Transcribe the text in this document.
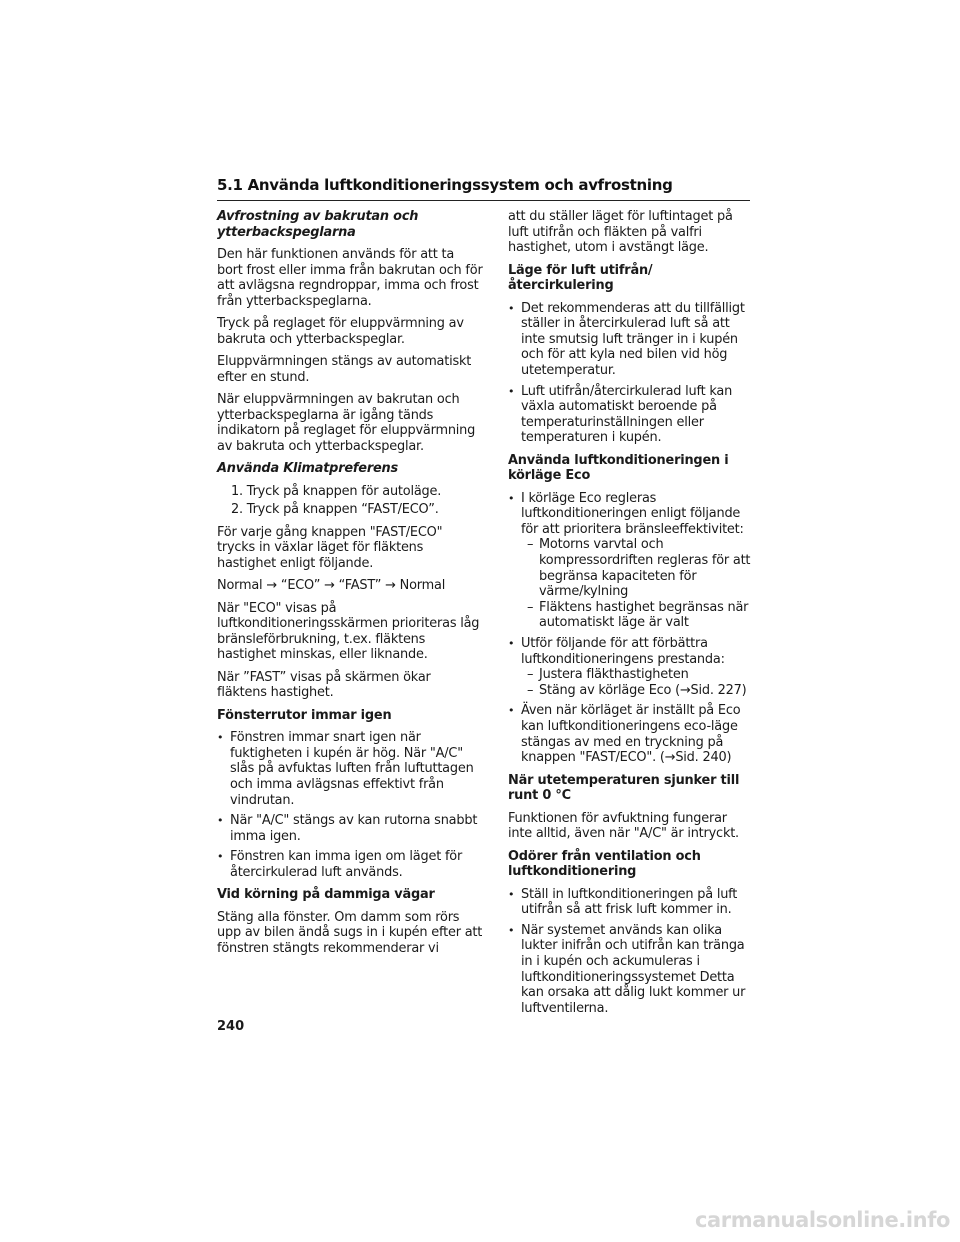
5.1 Använda luftkonditioneringssystem och avfrostning

Avfrostning av bakrutan och ytterbackspeglarna

Den här funktionen används för att ta bort frost eller imma från bakrutan och för att avlägsna regndroppar, imma och frost från ytterbackspeglarna.

Tryck på reglaget för eluppvärmning av bakruta och ytterbackspeglar.

Eluppvärmningen stängs av automatiskt efter en stund.

När eluppvärmningen av bakrutan och ytterbackspeglarna är igång tänds indikatorn på reglaget för eluppvärmning av bakruta och ytterbackspeglar.

Använda Klimatpreferens

1. Tryck på knappen för autoläge.
2. Tryck på knappen “FAST/ECO”.

För varje gång knappen "FAST/ECO" trycks in växlar läget för fläktens hastighet enligt följande.

Normal → “ECO” → “FAST” → Normal

När "ECO" visas på luftkonditioneringsskärmen prioriteras låg bränsleförbrukning, t.ex. fläktens hastighet minskas, eller liknande.

När ”FAST” visas på skärmen ökar fläktens hastighet.

Fönsterrutor immar igen

• Fönstren immar snart igen när fuktigheten i kupén är hög. När "A/C" slås på avfuktas luften från luftuttagen och imma avlägsnas effektivt från vindrutan.
• När "A/C" stängs av kan rutorna snabbt imma igen.
• Fönstren kan imma igen om läget för återcirkulerad luft används.

Vid körning på dammiga vägar

Stäng alla fönster. Om damm som rörs upp av bilen ändå sugs in i kupén efter att fönstren stängts rekommenderar vi

att du ställer läget för luftintaget på luft utifrån och fläkten på valfri hastighet, utom i avstängt läge.

Läge för luft utifrån/återcirkulering

• Det rekommenderas att du tillfälligt ställer in återcirkulerad luft så att inte smutsig luft tränger in i kupén och för att kyla ned bilen vid hög utetemperatur.
• Luft utifrån/återcirkulerad luft kan växla automatiskt beroende på temperaturinställningen eller temperaturen i kupén.

Använda luftkonditioneringen i körläge Eco

• I körläge Eco regleras luftkonditioneringen enligt följande för att prioritera bränsleeffektivitet:
– Motorns varvtal och kompressordriften regleras för att begränsa kapaciteten för värme/kylning
– Fläktens hastighet begränsas när automatiskt läge är valt
• Utför följande för att förbättra luftkonditioneringens prestanda:
– Justera fläkthastigheten
– Stäng av körläge Eco (→Sid. 227)
• Även när körläget är inställt på Eco kan luftkonditioneringens eco-läge stängas av med en tryckning på knappen "FAST/ECO". (→Sid. 240)

När utetemperaturen sjunker till runt 0 °C

Funktionen för avfuktning fungerar inte alltid, även när "A/C" är intryckt.

Odörer från ventilation och luftkonditionering

• Ställ in luftkonditioneringen på luft utifrån så att frisk luft kommer in.
• När systemet används kan olika lukter inifrån och utifrån kan tränga in i kupén och ackumuleras i luftkonditioneringssystemet Detta kan orsaka att dålig lukt kommer ur luftventilerna.
240
carmanualsonline.info
